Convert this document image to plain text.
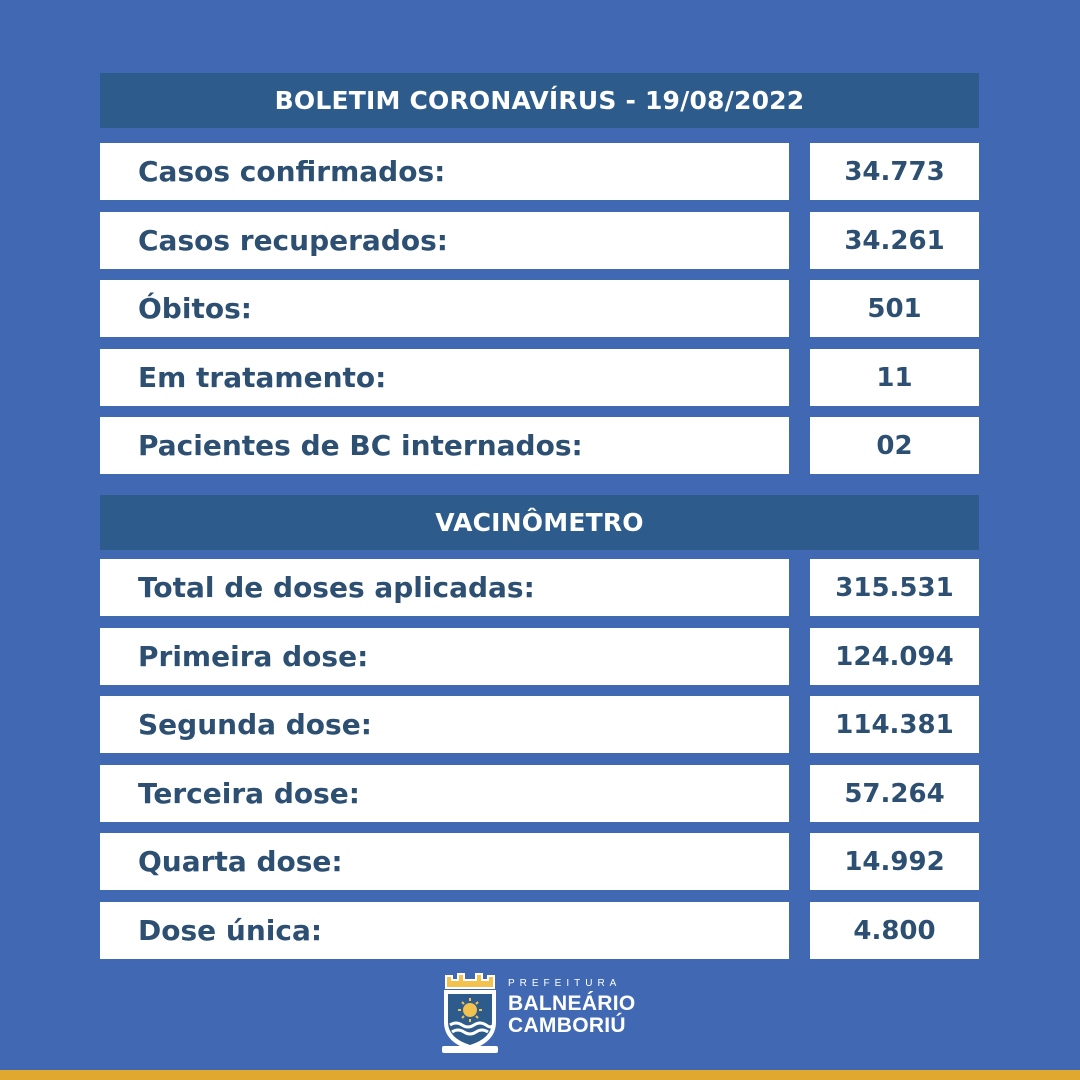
BOLETIM CORONAVÍRUS - 19/08/2022
Casos confirmados:	34.773
Casos recuperados:	34.261
Óbitos:	501
Em tratamento:	11
Pacientes de BC internados:	02
VACINÔMETRO
Total de doses aplicadas:	315.531
Primeira dose:	124.094
Segunda dose:	114.381
Terceira dose:	57.264
Quarta dose:	14.992
Dose única:	4.800
PREFEITURA
BALNEÁRIO
CAMBORIÚ
